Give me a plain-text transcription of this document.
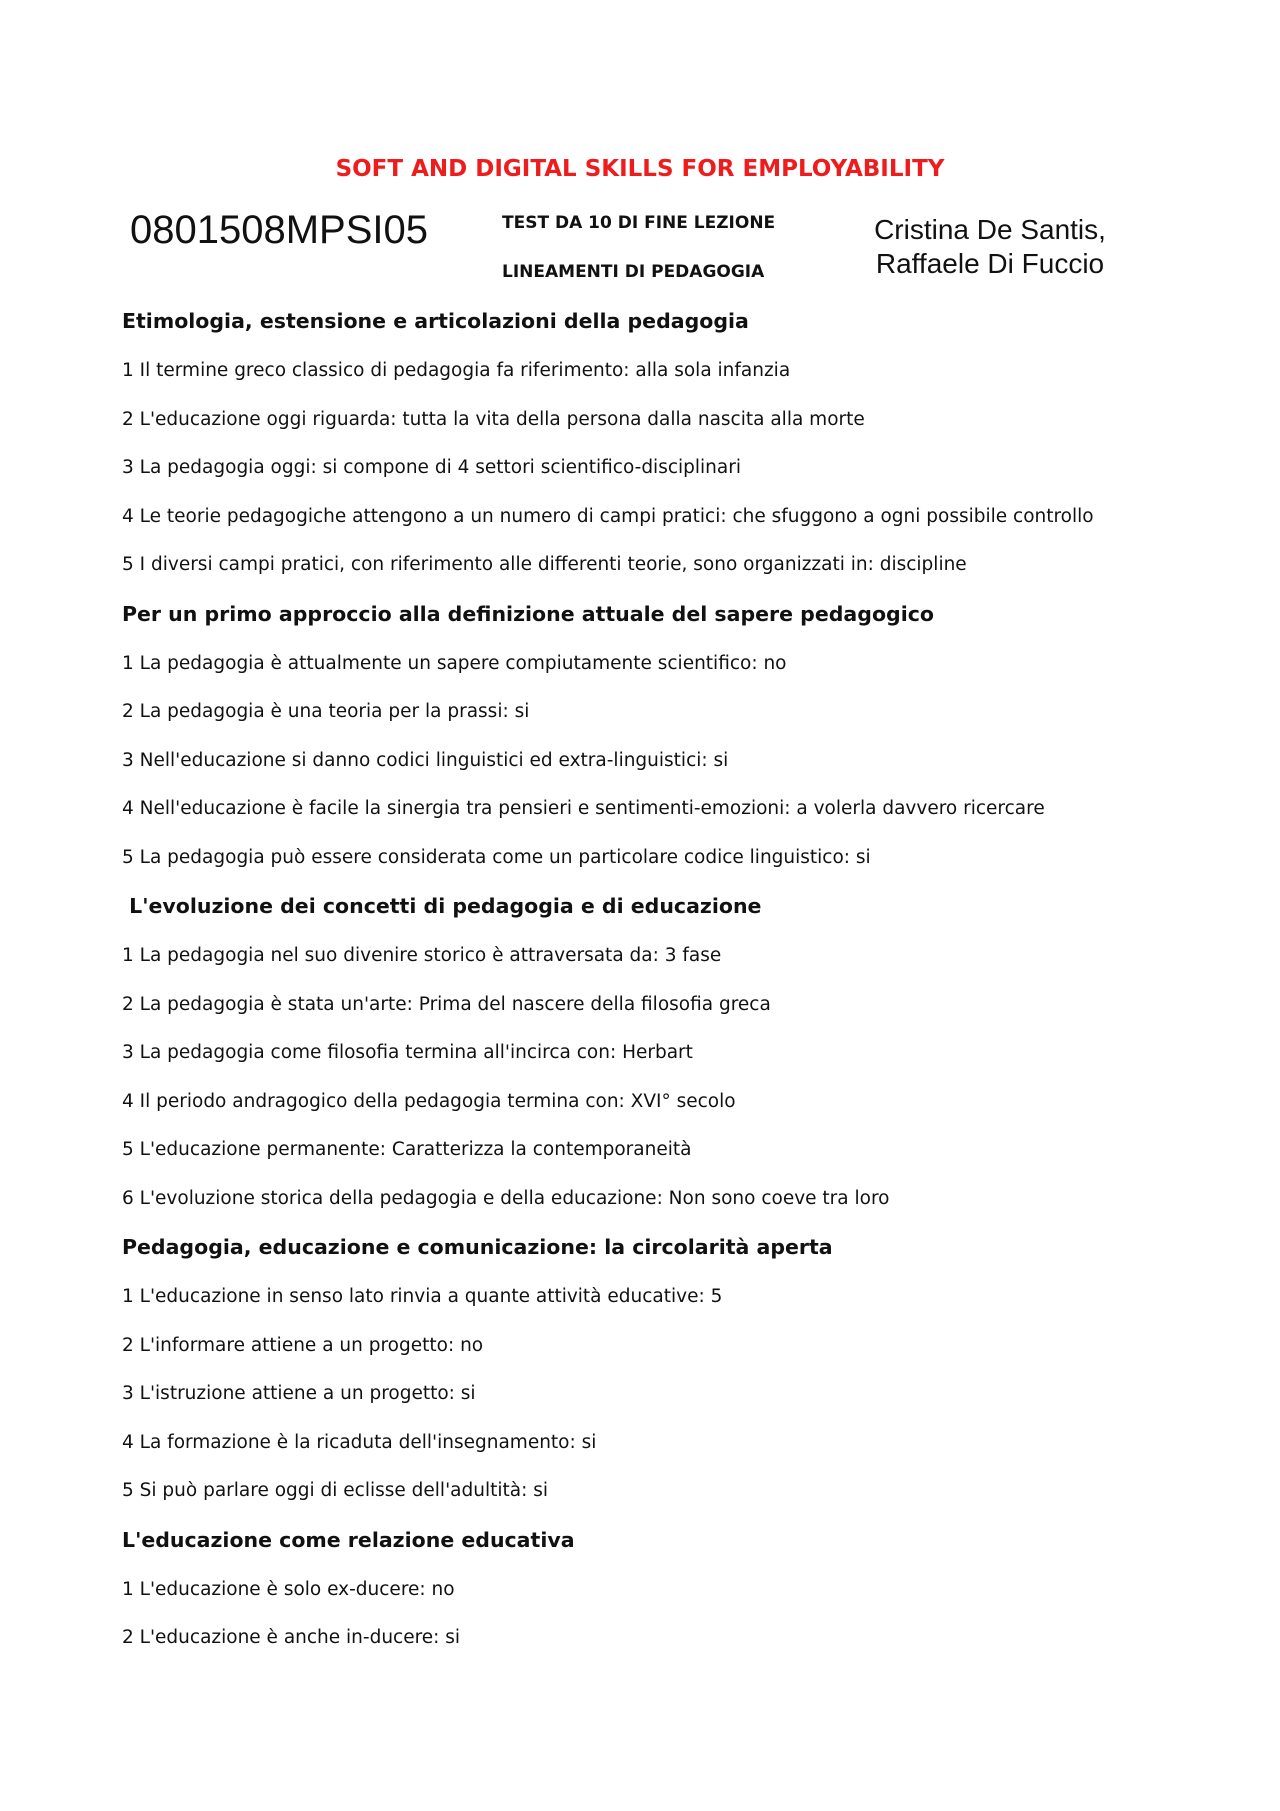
SOFT AND DIGITAL SKILLS FOR EMPLOYABILITY
0801508MPSI05	TEST DA 10 DI FINE LEZIONE
LINEAMENTI DI PEDAGOGIA
Cristina De Santis,
Raffaele Di Fuccio
Etimologia, estensione e articolazioni della pedagogia
1 Il termine greco classico di pedagogia fa riferimento: alla sola infanzia
2 L'educazione oggi riguarda: tutta la vita della persona dalla nascita alla morte
3 La pedagogia oggi: si compone di 4 settori scientifico-disciplinari
4 Le teorie pedagogiche attengono a un numero di campi pratici: che sfuggono a ogni possibile controllo
5 I diversi campi pratici, con riferimento alle differenti teorie, sono organizzati in: discipline
Per un primo approccio alla definizione attuale del sapere pedagogico
1 La pedagogia è attualmente un sapere compiutamente scientifico: no
2 La pedagogia è una teoria per la prassi: si
3 Nell'educazione si danno codici linguistici ed extra-linguistici: si
4 Nell'educazione è facile la sinergia tra pensieri e sentimenti-emozioni: a volerla davvero ricercare
5 La pedagogia può essere considerata come un particolare codice linguistico: si
L'evoluzione dei concetti di pedagogia e di educazione
1 La pedagogia nel suo divenire storico è attraversata da: 3 fase
2 La pedagogia è stata un'arte: Prima del nascere della filosofia greca
3 La pedagogia come filosofia termina all'incirca con: Herbart
4 Il periodo andragogico della pedagogia termina con: XVI° secolo
5 L'educazione permanente: Caratterizza la contemporaneità
6 L'evoluzione storica della pedagogia e della educazione: Non sono coeve tra loro
Pedagogia, educazione e comunicazione: la circolarità aperta
1 L'educazione in senso lato rinvia a quante attività educative: 5
2 L'informare attiene a un progetto: no
3 L'istruzione attiene a un progetto: si
4 La formazione è la ricaduta dell'insegnamento: si
5 Si può parlare oggi di eclisse dell'adultità: si
L'educazione come relazione educativa
1 L'educazione è solo ex-ducere: no
2 L'educazione è anche in-ducere: si
